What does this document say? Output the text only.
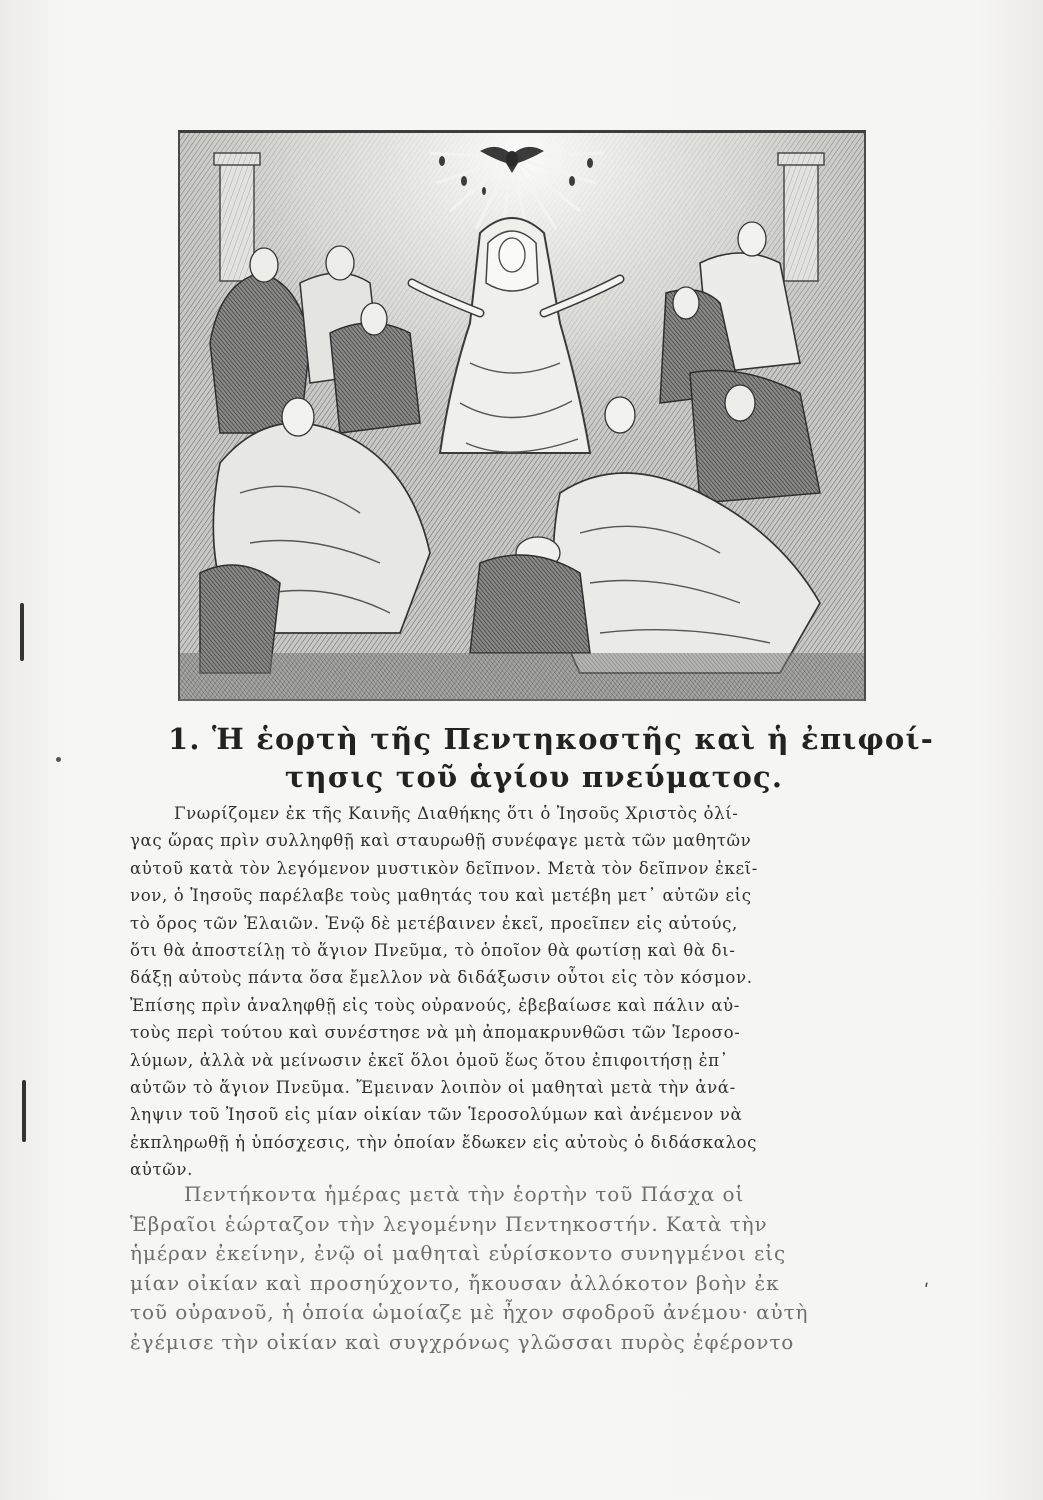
ʹ
1. Ἡ ἑορτὴ τῆς Πεντηκοστῆς καὶ ἡ ἐπιφοί-
τησις τοῦ ἁγίου πνεύματος.
Γνωρίζομεν ἐκ τῆς Καινῆς Διαθήκης ὅτι ὁ Ἰησοῦς Χριστὸς ὀλί-
γας ὥρας πρὶν συλληφθῇ καὶ σταυρωθῇ συνέφαγε μετὰ τῶν μαθητῶν
αὐτοῦ κατὰ τὸν λεγόμενον μυστικὸν δεῖπνον. Μετὰ τὸν δεῖπνον ἐκεῖ-
νον, ὁ Ἰησοῦς παρέλαβε τοὺς μαθητάς του καὶ μετέβη μετ᾿ αὐτῶν εἰς
τὸ ὄρος τῶν Ἐλαιῶν. Ἐνῷ δὲ μετέβαινεν ἐκεῖ, προεῖπεν εἰς αὐτούς,
ὅτι θὰ ἀποστείλῃ τὸ ἅγιον Πνεῦμα, τὸ ὁποῖον θὰ φωτίσῃ καὶ θὰ δι-
δάξῃ αὐτοὺς πάντα ὅσα ἔμελλον νὰ διδάξωσιν οὗτοι εἰς τὸν κόσμον.
Ἐπίσης πρὶν ἀναληφθῇ εἰς τοὺς οὐρανούς, ἐβεβαίωσε καὶ πάλιν αὐ-
τοὺς περὶ τούτου καὶ συνέστησε νὰ μὴ ἀπομακρυνθῶσι τῶν Ἱεροσο-
λύμων, ἀλλὰ νὰ μείνωσιν ἐκεῖ ὅλοι ὁμοῦ ἕως ὅτου ἐπιφοιτήσῃ ἐπ᾿
αὐτῶν τὸ ἅγιον Πνεῦμα. Ἔμειναν λοιπὸν οἱ μαθηταὶ μετὰ τὴν ἀνά-
ληψιν τοῦ Ἰησοῦ εἰς μίαν οἰκίαν τῶν Ἱεροσολύμων καὶ ἀνέμενον νὰ
ἐκπληρωθῇ ἡ ὑπόσχεσις, τὴν ὁποίαν ἔδωκεν εἰς αὐτοὺς ὁ διδάσκαλος
αὐτῶν.
Πεντήκοντα ἡμέρας μετὰ τὴν ἑορτὴν τοῦ Πάσχα οἱ
Ἑβραῖοι ἑώρταζον τὴν λεγομένην Πεντηκοστήν. Κατὰ τὴν
ἡμέραν ἐκείνην, ἐνῷ οἱ μαθηταὶ εὑρίσκοντο συνηγμένοι εἰς
μίαν οἰκίαν καὶ προσηύχοντο, ἤκουσαν ἀλλόκοτον βοὴν ἐκ
τοῦ οὐρανοῦ, ἡ ὁποία ὡμοίαζε μὲ ἦχον σφοδροῦ ἀνέμου· αὐτὴ
ἐγέμισε τὴν οἰκίαν καὶ συγχρόνως γλῶσσαι πυρὸς ἐφέροντο
